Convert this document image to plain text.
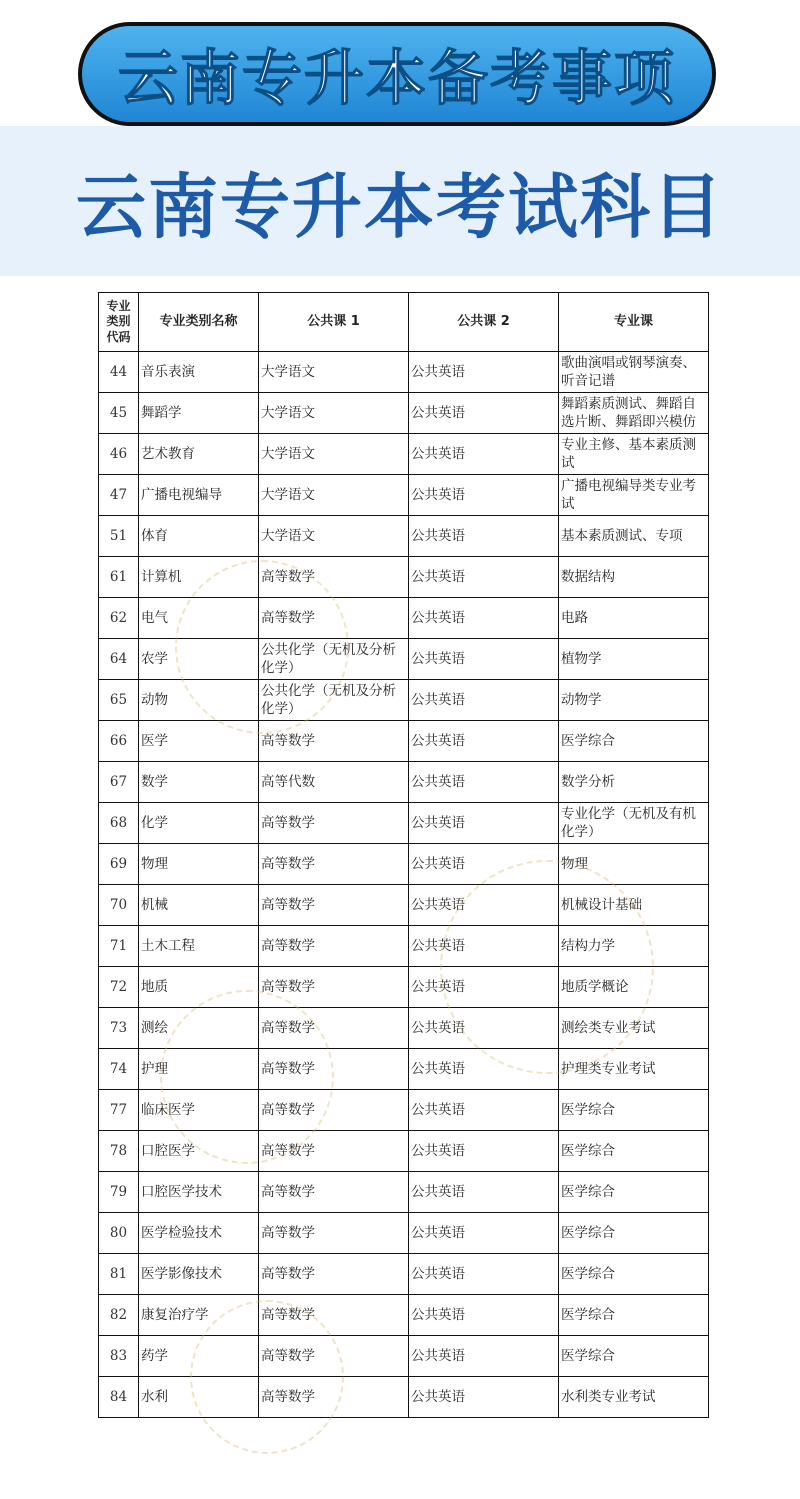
云南专升本备考事项
云南专升本考试科目
专业
类别
代码	专业类别名称	公共课 1	公共课 2	专业课
44	音乐表演	大学语文	公共英语	歌曲演唱或钢琴演奏、听音记谱
45	舞蹈学	大学语文	公共英语	舞蹈素质测试、舞蹈自选片断、舞蹈即兴模仿
46	艺术教育	大学语文	公共英语	专业主修、基本素质测试
47	广播电视编导	大学语文	公共英语	广播电视编导类专业考试
51	体育	大学语文	公共英语	基本素质测试、专项
61	计算机	高等数学	公共英语	数据结构
62	电气	高等数学	公共英语	电路
64	农学	公共化学（无机及分析化学）	公共英语	植物学
65	动物	公共化学（无机及分析化学）	公共英语	动物学
66	医学	高等数学	公共英语	医学综合
67	数学	高等代数	公共英语	数学分析
68	化学	高等数学	公共英语	专业化学（无机及有机化学）
69	物理	高等数学	公共英语	物理
70	机械	高等数学	公共英语	机械设计基础
71	土木工程	高等数学	公共英语	结构力学
72	地质	高等数学	公共英语	地质学概论
73	测绘	高等数学	公共英语	测绘类专业考试
74	护理	高等数学	公共英语	护理类专业考试
77	临床医学	高等数学	公共英语	医学综合
78	口腔医学	高等数学	公共英语	医学综合
79	口腔医学技术	高等数学	公共英语	医学综合
80	医学检验技术	高等数学	公共英语	医学综合
81	医学影像技术	高等数学	公共英语	医学综合
82	康复治疗学	高等数学	公共英语	医学综合
83	药学	高等数学	公共英语	医学综合
84	水利	高等数学	公共英语	水利类专业考试
